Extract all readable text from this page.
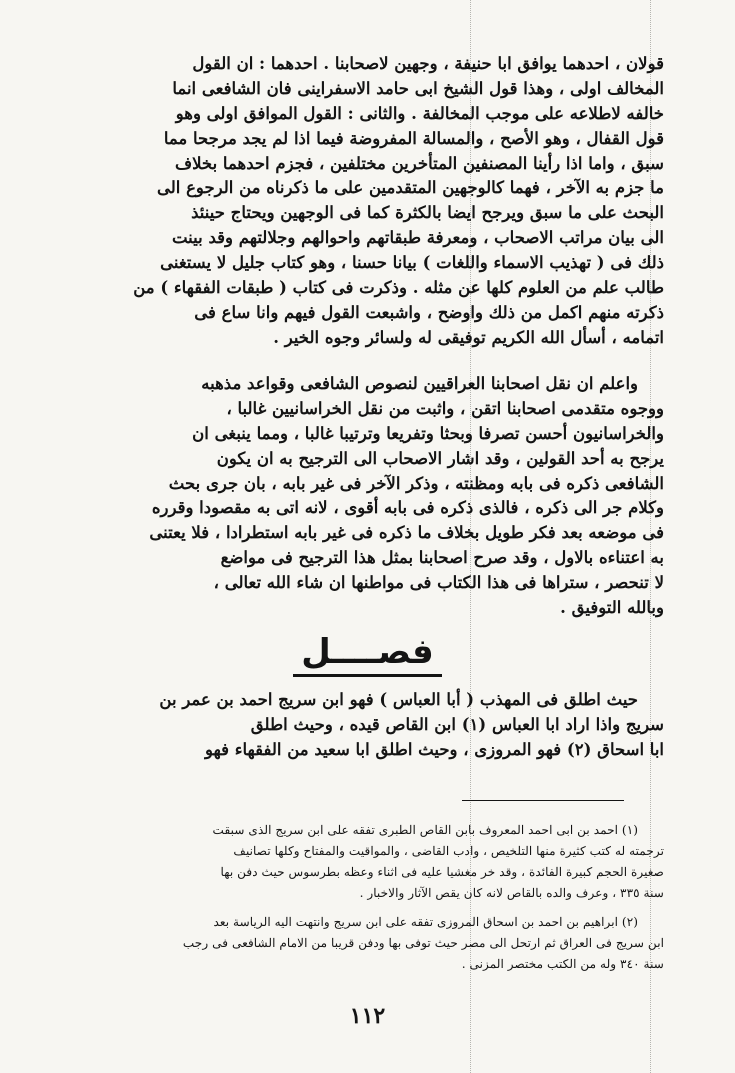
قولان ، احدهما يوافق ابا حنيفة ، وجهين لاصحابنا . احدهما : ان القول
المخالف اولى ، وهذا قول الشيخ ابى حامد الاسفراينى فان الشافعى انما
خالفه لاطلاعه على موجب المخالفة . والثانى : القول الموافق اولى وهو
قول القفال ، وهو الأصح ، والمسالة المفروضة فيما اذا لم يجد مرجحا مما
سبق ، واما اذا رأينا المصنفين المتأخرين مختلفين ، فجزم احدهما بخلاف
ما جزم به الآخر ، فهما كالوجهين المتقدمين على ما ذكرناه من الرجوع الى
البحث على ما سبق ويرجح ايضا بالكثرة كما فى الوجهين ويحتاج حينئذ
الى بيان مراتب الاصحاب ، ومعرفة طبقاتهم واحوالهم وجلالتهم وقد بينت
ذلك فى ( تهذيب الاسماء واللغات ) بيانا حسنا ، وهو كتاب جليل لا يستغنى
طالب علم من العلوم كلها عن مثله . وذكرت فى كتاب ( طبقات الفقهاء ) من
ذكرته منهم اكمل من ذلك واوضح ، واشبعت القول فيهم وانا ساع فى
اتمامه ، أسأل الله الكريم توفيقى له ولسائر وجوه الخير .
واعلم ان نقل اصحابنا العراقيين لنصوص الشافعى وقواعد مذهبه
ووجوه متقدمى اصحابنا اتقن ، واثبت من نقل الخراسانيين غالبا ،
والخراسانيون أحسن تصرفا وبحثا وتفريعا وترتيبا غالبا ، ومما ينبغى ان
يرجح به أحد القولين ، وقد اشار الاصحاب الى الترجيح به ان يكون
الشافعى ذكره فى بابه ومظنته ، وذكر الآخر فى غير بابه ، بان جرى بحث
وكلام جر الى ذكره ، فالذى ذكره فى بابه أقوى ، لانه اتى به مقصودا وقرره
فى موضعه بعد فكر طويل بخلاف ما ذكره فى غير بابه استطرادا ، فلا يعتنى
به اعتناءه بالاول ، وقد صرح اصحابنا بمثل هذا الترجيح فى مواضع
لا تنحصر ، ستراها فى هذا الكتاب فى مواطنها ان شاء الله تعالى ،
وبالله التوفيق .
فصــــل
حيث اطلق فى المهذب ( أبا العباس ) فهو ابن سريج احمد بن عمر بن
سريج واذا اراد ابا العباس (١) ابن القاص قيده ، وحيث اطلق
ابا اسحاق (٢) فهو المروزى ، وحيث اطلق ابا سعيد من الفقهاء فهو
(١) احمد بن ابى احمد المعروف بابن القاص الطبرى تفقه على ابن سريج الذى سبقت
ترجمته له كتب كثيرة منها التلخيص ، وادب القاضى ، والمواقيت والمفتاح وكلها تصانيف
صغيرة الحجم كبيرة الفائدة ، وقد خر مغشيا عليه فى اثناء وعظه بطرسوس حيث دفن بها
سنة ٣٣٥ ، وعرف والده بالقاص لانه كان يقص الآثار والاخبار .
(٢) ابراهيم بن احمد بن اسحاق المروزى تفقه على ابن سريج وانتهت اليه الرياسة بعد
ابن سريج فى العراق ثم ارتحل الى مصر حيث توفى بها ودفن قريبا من الامام الشافعى فى رجب
سنة ٣٤٠ وله من الكتب مختصر المزنى .
١١٢
